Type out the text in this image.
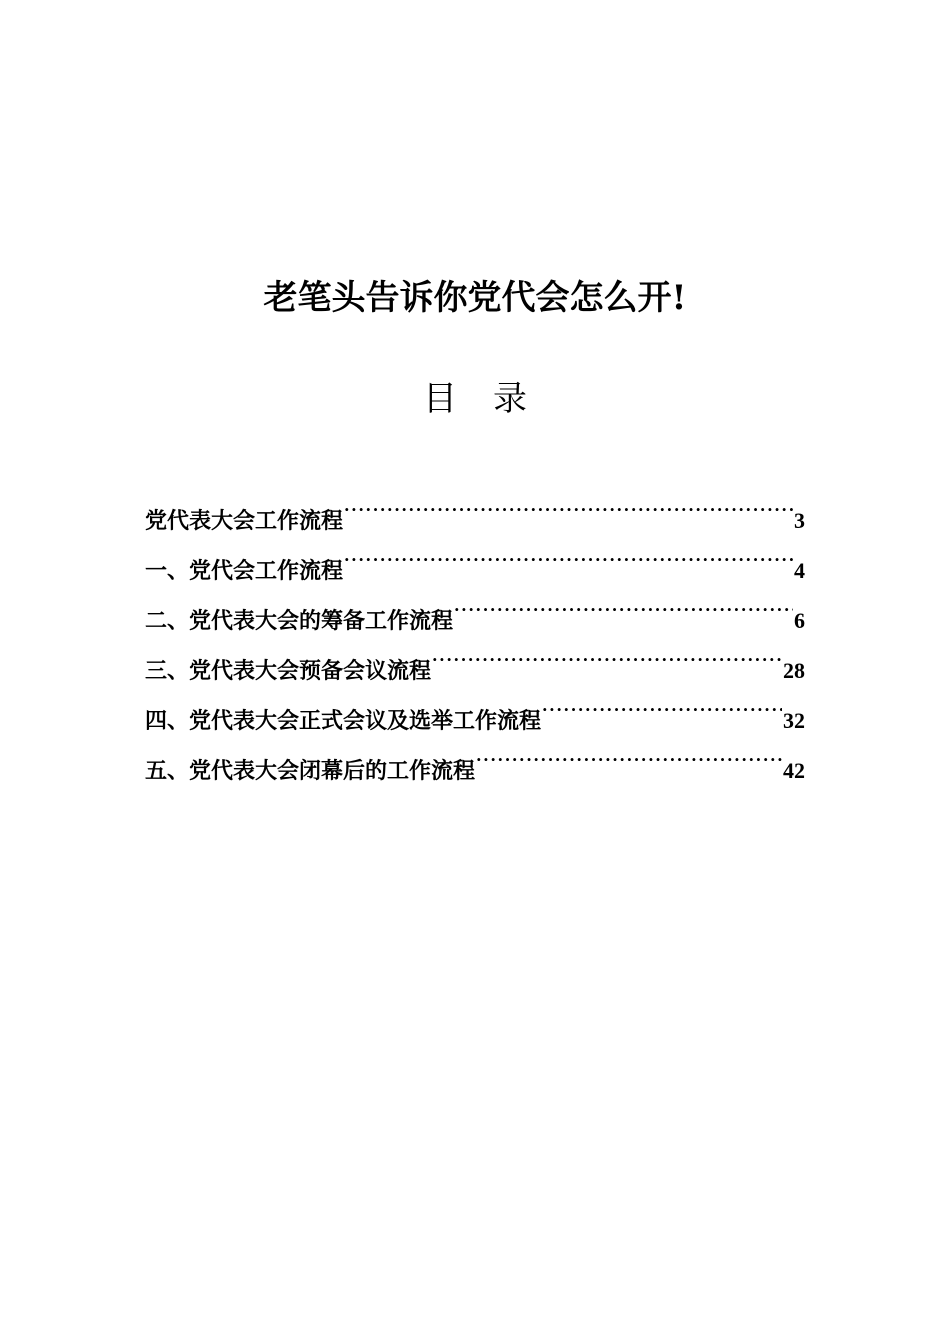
老笔头告诉你党代会怎么开!
目 录
党代表大会工作流程 .....	3
一、党代会工作流程 .....	4
二、党代表大会的筹备工作流程 .....	6
三、党代表大会预备会议流程 .....	28
四、党代表大会正式会议及选举工作流程 .....	32
五、党代表大会闭幕后的工作流程 .....	42
